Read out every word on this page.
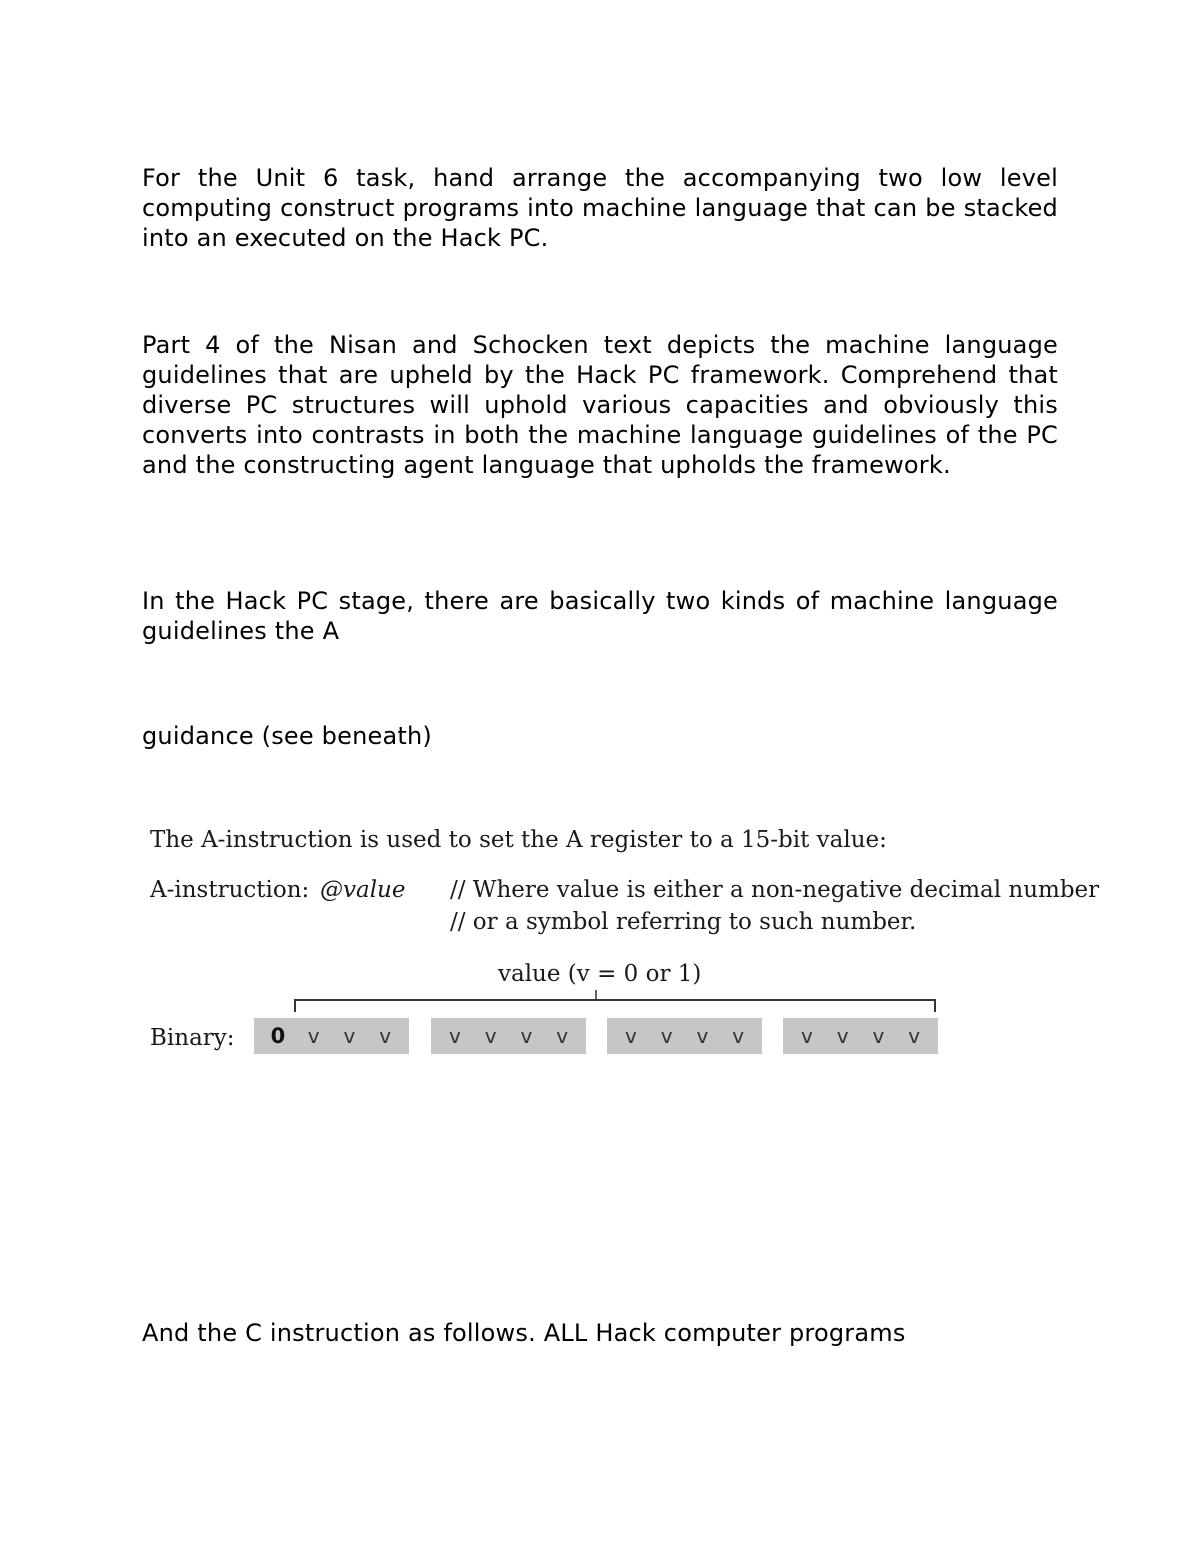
For the Unit 6 task, hand arrange the accompanying two low level computing construct programs into machine language that can be stacked into an executed on the Hack PC.

Part 4 of the Nisan and Schocken text depicts the machine language guidelines that are upheld by the Hack PC framework. Comprehend that diverse PC structures will uphold various capacities and obviously this converts into contrasts in both the machine language guidelines of the PC and the constructing agent language that upholds the framework.

In the Hack PC stage, there are basically two kinds of machine language guidelines the A

guidance (see beneath)

The A-instruction is used to set the A register to a 15-bit value:
A-instruction: @value // Where value is either a non-negative decimal number
// or a symbol referring to such number.
value (v = 0 or 1)
Binary:	0	v	v	v	v	v	v	v	v	v	v	v	v	v	v	v

And the C instruction as follows. ALL Hack computer programs
